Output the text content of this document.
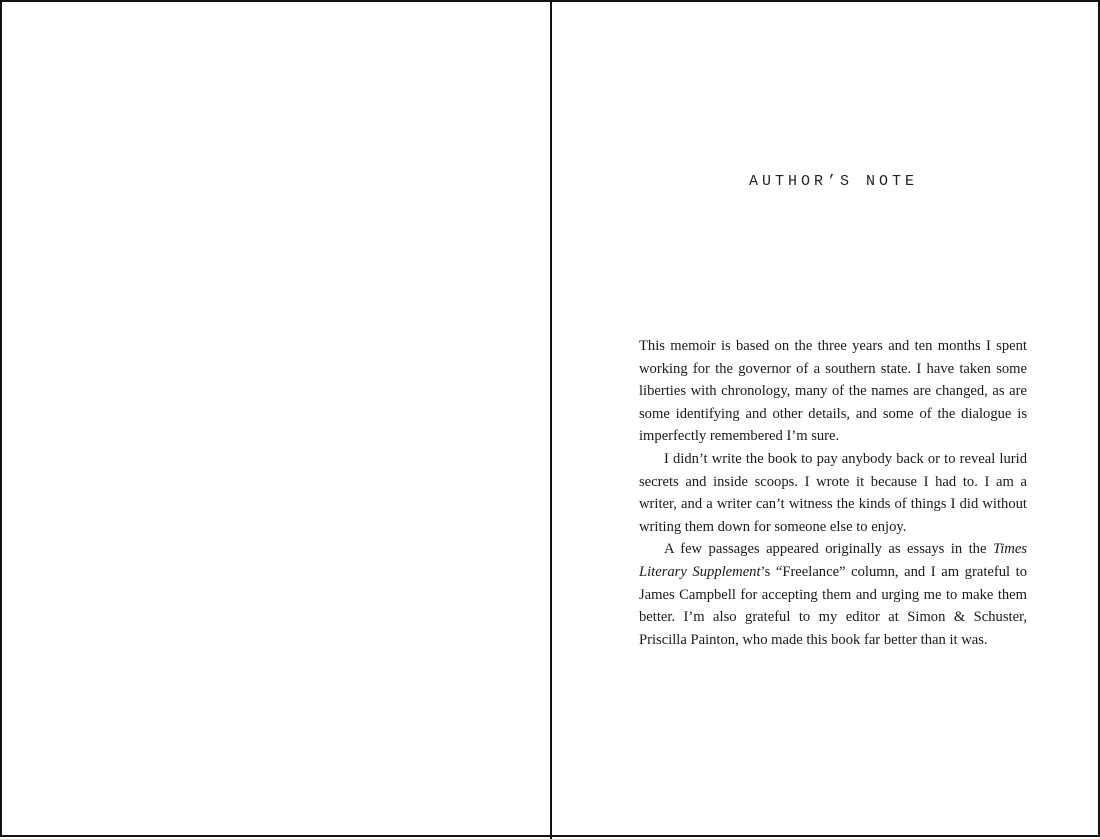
AUTHOR’S NOTE

This memoir is based on the three years and ten months I spent working for the governor of a southern state. I have taken some liberties with chronology, many of the names are changed, as are some identifying and other details, and some of the dialogue is imperfectly remembered I’m sure.

I didn’t write the book to pay anybody back or to reveal lurid secrets and inside scoops. I wrote it because I had to. I am a writer, and a writer can’t witness the kinds of things I did without writing them down for someone else to enjoy.

A few passages appeared originally as essays in the Times Literary Supplement’s “Freelance” column, and I am grateful to James Campbell for accepting them and urging me to make them better. I’m also grateful to my editor at Simon & Schuster, Priscilla Painton, who made this book far better than it was.
